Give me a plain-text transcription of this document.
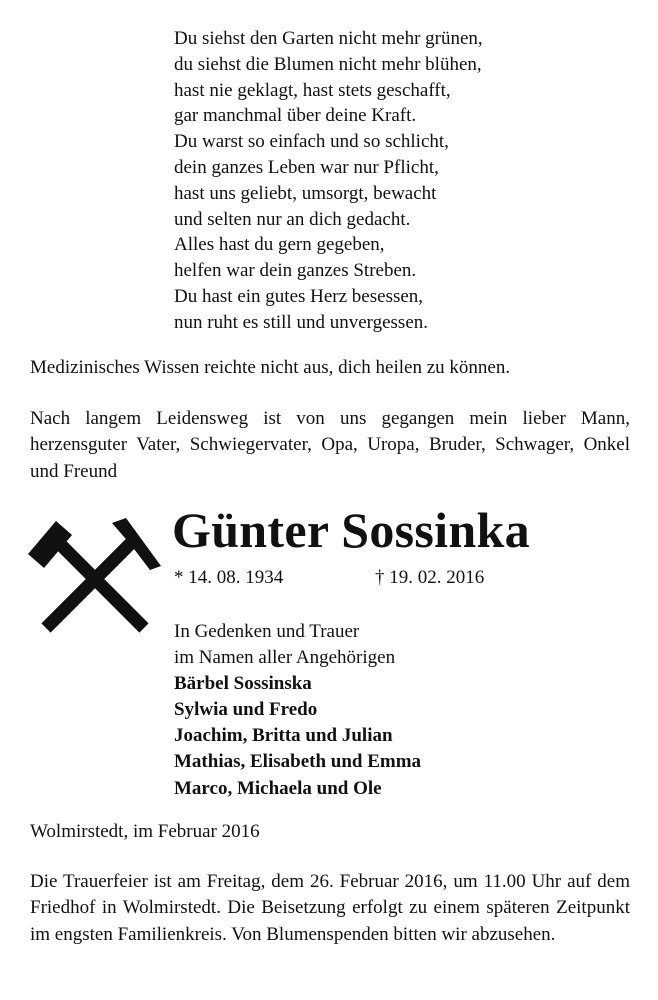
Du siehst den Garten nicht mehr grünen,
du siehst die Blumen nicht mehr blühen,
hast nie geklagt, hast stets geschafft,
gar manchmal über deine Kraft.
Du warst so einfach und so schlicht,
dein ganzes Leben war nur Pflicht,
hast uns geliebt, umsorgt, bewacht
und selten nur an dich gedacht.
Alles hast du gern gegeben,
helfen war dein ganzes Streben.
Du hast ein gutes Herz besessen,
nun ruht es still und unvergessen.
Medizinisches Wissen reichte nicht aus, dich heilen zu können.
Nach langem Leidensweg ist von uns gegangen mein lieber Mann, herzensguter Vater, Schwiegervater, Opa, Uropa, Bruder, Schwager, Onkel und Freund
Günter Sossinka
* 14. 08. 1934	† 19. 02. 2016
In Gedenken und Trauer
im Namen aller Angehörigen
Bärbel Sossinska
Sylwia und Fredo
Joachim, Britta und Julian
Mathias, Elisabeth und Emma
Marco, Michaela und Ole
Wolmirstedt, im Februar 2016
Die Trauerfeier ist am Freitag, dem 26. Februar 2016, um 11.00 Uhr auf dem Friedhof in Wolmirstedt. Die Beisetzung erfolgt zu einem späteren Zeitpunkt im engsten Familienkreis. Von Blumenspenden bitten wir abzusehen.
